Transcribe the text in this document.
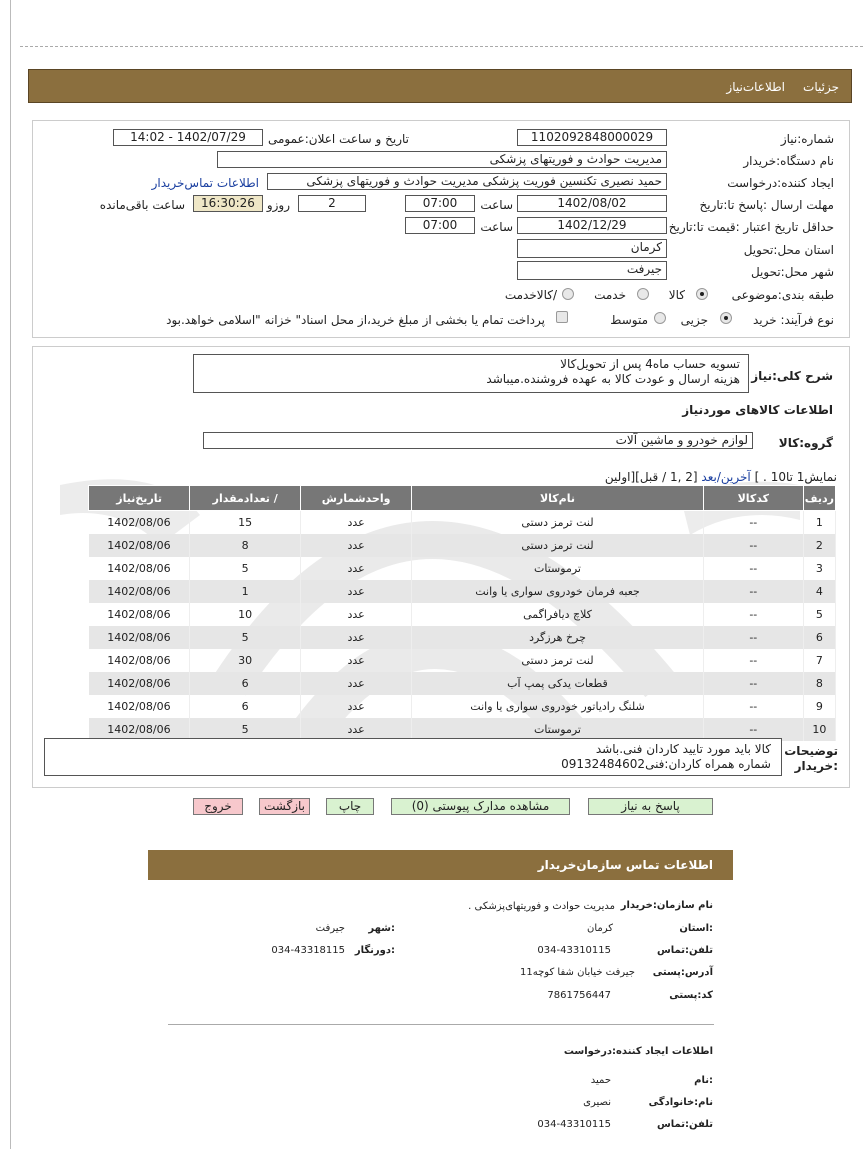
جزئیات
اطلاعات‌نیاز
شماره:نیاز
1102092848000029
تاریخ و ساعت اعلان:عمومی
1402/07/29 - 14:02
نام دستگاه:خریدار
مدیریت حوادث و فوریتهای پزشکی
ایجاد کننده:درخواست
حمید نصیری تکنسین فوریت پزشکی مدیریت حوادث و فوریتهای پزشکی
اطلاعات تماس‌خریدار
مهلت ارسال :پاسخ تا:تاریخ
1402/08/02
ساعت
07:00
2
روزو
16:30:26
ساعت باقی‌مانده
حداقل تاریخ اعتبار :قیمت تا:تاریخ
1402/12/29
ساعت
07:00
استان محل:تحویل
کرمان
شهر محل:تحویل
جیرفت
طبقه بندی:موضوعی
کالا
خدمت
/کالاخدمت
نوع فرآیند: خرید
جزیی
متوسط
پرداخت تمام یا بخشی از مبلغ خرید،از محل اسناد" خزانه "اسلامی خواهد.بود
شرح کلی:نیاز
تسویه حساب ماه4 پس از تحویل‌کالا
هزینه ارسال و عودت کالا به عهده فروشنده.میباشد
اطلاعات کالاهای موردنیاز
گروه:کالا
لوازم خودرو و ماشین آلات
نمایش1 تا10 . ] آخرین/بعد [2 ,1 / قبل][اولین
ردیف	کدکالا	نام‌کالا	واحدشمارش	/ تعدادمقدار	تاریخ‌نیاز
1	--	لنت ترمز دستی	عدد	15	1402/08/06
2	--	لنت ترمز دستی	عدد	8	1402/08/06
3	--	ترموستات	عدد	5	1402/08/06
4	--	جعبه فرمان خودروی سواری یا وانت	عدد	1	1402/08/06
5	--	کلاچ دیافراگمی	عدد	10	1402/08/06
6	--	چرخ هرزگرد	عدد	5	1402/08/06
7	--	لنت ترمز دستی	عدد	30	1402/08/06
8	--	قطعات یدکی پمپ آب	عدد	6	1402/08/06
9	--	شلنگ رادیاتور خودروی سواری یا وانت	عدد	6	1402/08/06
10	--	ترموستات	عدد	5	1402/08/06
توضیحات
:خریدار
کالا باید مورد تایید کاردان فنی.باشد
شماره همراه کاردان:فنی09132484602
پاسخ به نیاز
مشاهده مدارک پیوستی (0)
چاپ
بازگشت
خروج
اطلاعات تماس سازمان‌خریدار
نام سازمان:خریدار
مدیریت حوادث و فوریتهای‌پزشکی .
:استان
کرمان
:شهر
جیرفت
تلفن:تماس
034-43310115
:دورنگار
034-43318115
آدرس:پستی
جیرفت خیابان شفا کوچه11
کد:پستی
7861756447
اطلاعات ایجاد کننده:درخواست
:نام
حمید
نام:خانوادگی
نصیری
تلفن:تماس
034-43310115
